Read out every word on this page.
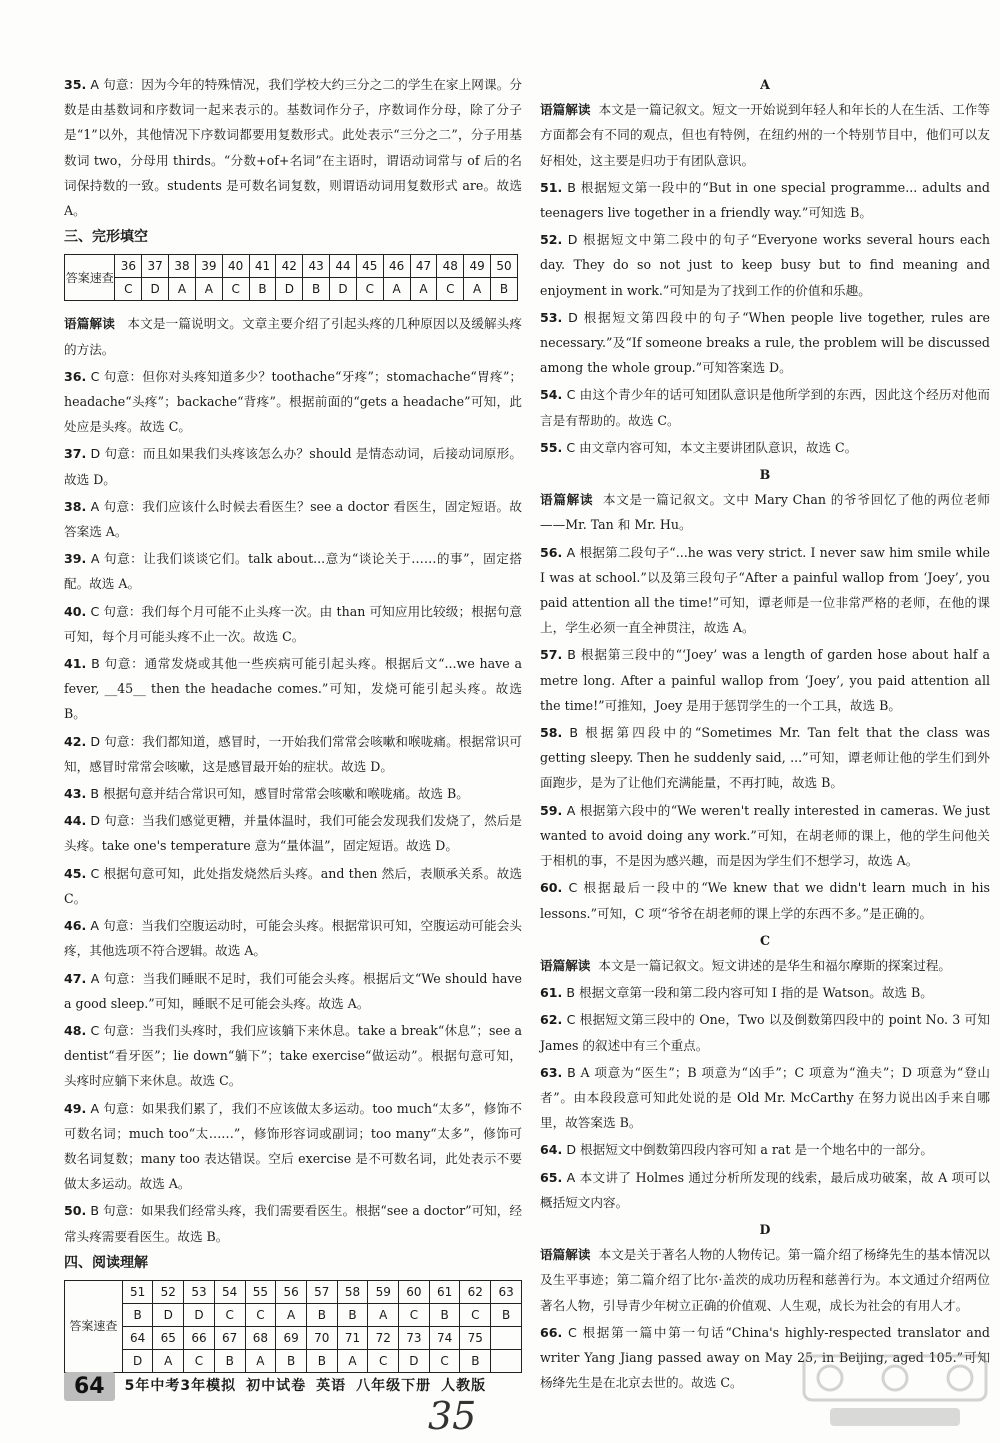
35. A 句意：因为今年的特殊情况，我们学校大约三分之二的学生在家上网课。分数是由基数词和序数词一起来表示的。基数词作分子，序数词作分母，除了分子是“1”以外，其他情况下序数词都要用复数形式。此处表示“三分之二”，分子用基数词 two，分母用 thirds。“分数+of+名词”在主语时，谓语动词常与 of 后的名词保持数的一致。students 是可数名词复数，则谓语动词用复数形式 are。故选 A。
三、完形填空
答案速查	36	37	38	39	40	41	42	43	44	45	46	47	48	49	50
	C	D	A	A	C	B	D	B	D	C	A	A	C	A	B
语篇解读 本文是一篇说明文。文章主要介绍了引起头疼的几种原因以及缓解头疼的方法。
36. C 句意：但你对头疼知道多少？toothache“牙疼”；stomachache“胃疼”；headache“头疼”；backache“背疼”。根据前面的“gets a headache”可知，此处应是头疼。故选 C。
37. D 句意：而且如果我们头疼该怎么办？should 是情态动词，后接动词原形。故选 D。
38. A 句意：我们应该什么时候去看医生？see a doctor 看医生，固定短语。故答案选 A。
39. A 句意：让我们谈谈它们。talk about...意为“谈论关于……的事”，固定搭配。故选 A。
40. C 句意：我们每个月可能不止头疼一次。由 than 可知应用比较级；根据句意可知，每个月可能头疼不止一次。故选 C。
41. B 句意：通常发烧或其他一些疾病可能引起头疼。根据后文“...we have a fever, __45__ then the headache comes.”可知，发烧可能引起头疼。故选 B。
42. D 句意：我们都知道，感冒时，一开始我们常常会咳嗽和喉咙痛。根据常识可知，感冒时常常会咳嗽，这是感冒最开始的症状。故选 D。
43. B 根据句意并结合常识可知，感冒时常常会咳嗽和喉咙痛。故选 B。
44. D 句意：当我们感觉更糟，并量体温时，我们可能会发现我们发烧了，然后是头疼。take one's temperature 意为“量体温”，固定短语。故选 D。
45. C 根据句意可知，此处指发烧然后头疼。and then 然后，表顺承关系。故选 C。
46. A 句意：当我们空腹运动时，可能会头疼。根据常识可知，空腹运动可能会头疼，其他选项不符合逻辑。故选 A。
47. A 句意：当我们睡眠不足时，我们可能会头疼。根据后文“We should have a good sleep.”可知，睡眠不足可能会头疼。故选 A。
48. C 句意：当我们头疼时，我们应该躺下来休息。take a break“休息”；see a dentist“看牙医”；lie down“躺下”；take exercise“做运动”。根据句意可知，头疼时应躺下来休息。故选 C。
49. A 句意：如果我们累了，我们不应该做太多运动。too much“太多”，修饰不可数名词；much too“太……”，修饰形容词或副词；too many“太多”，修饰可数名词复数；many too 表达错误。空后 exercise 是不可数名词，此处表示不要做太多运动。故选 A。
50. B 句意：如果我们经常头疼，我们需要看医生。根据“see a doctor”可知，经常头疼需要看医生。故选 B。
四、阅读理解
答案速查	51	52	53	54	55	56	57	58	59	60	61	62	63
	B	D	D	C	C	A	B	B	A	C	B	C	B
	64	65	66	67	68	69	70	71	72	73	74	75	
	D	A	C	B	A	B	B	A	C	D	C	B	
A
语篇解读 本文是一篇记叙文。短文一开始说到年轻人和年长的人在生活、工作等方面都会有不同的观点，但也有特例，在纽约州的一个特别节目中，他们可以友好相处，这主要是归功于有团队意识。
51. B 根据短文第一段中的“But in one special programme... adults and teenagers live together in a friendly way.”可知选 B。
52. D 根据短文中第二段中的句子“Everyone works several hours each day. They do so not just to keep busy but to find meaning and enjoyment in work.”可知是为了找到工作的价值和乐趣。
53. D 根据短文第四段中的句子“When people live together, rules are necessary.”及“If someone breaks a rule, the problem will be discussed among the whole group.”可知答案选 D。
54. C 由这个青少年的话可知团队意识是他所学到的东西，因此这个经历对他而言是有帮助的。故选 C。
55. C 由文章内容可知，本文主要讲团队意识，故选 C。
B
语篇解读 本文是一篇记叙文。文中 Mary Chan 的爷爷回忆了他的两位老师——Mr. Tan 和 Mr. Hu。
56. A 根据第二段句子“...he was very strict. I never saw him smile while I was at school.”以及第三段句子“After a painful wallop from ‘Joey’, you paid attention all the time!”可知，谭老师是一位非常严格的老师，在他的课上，学生必须一直全神贯注，故选 A。
57. B 根据第三段中的“‘Joey’ was a length of garden hose about half a metre long. After a painful wallop from ‘Joey’, you paid attention all the time!”可推知，Joey 是用于惩罚学生的一个工具，故选 B。
58. B 根据第四段中的“Sometimes Mr. Tan felt that the class was getting sleepy. Then he suddenly said, ...”可知，谭老师让他的学生们到外面跑步，是为了让他们充满能量，不再打盹，故选 B。
59. A 根据第六段中的“We weren't really interested in cameras. We just wanted to avoid doing any work.”可知，在胡老师的课上，他的学生问他关于相机的事，不是因为感兴趣，而是因为学生们不想学习，故选 A。
60. C 根据最后一段中的“We knew that we didn't learn much in his lessons.”可知，C 项“爷爷在胡老师的课上学的东西不多。”是正确的。
C
语篇解读 本文是一篇记叙文。短文讲述的是华生和福尔摩斯的探案过程。
61. B 根据文章第一段和第二段内容可知 I 指的是 Watson。故选 B。
62. C 根据短文第三段中的 One，Two 以及倒数第四段中的 point No. 3 可知 James 的叙述中有三个重点。
63. B A 项意为“医生”；B 项意为“凶手”；C 项意为“渔夫”；D 项意为“登山者”。由本段段意可知此处说的是 Old Mr. McCarthy 在努力说出凶手来自哪里，故答案选 B。
64. D 根据短文中倒数第四段内容可知 a rat 是一个地名中的一部分。
65. A 本文讲了 Holmes 通过分析所发现的线索，最后成功破案，故 A 项可以概括短文内容。
D
语篇解读 本文是关于著名人物的人物传记。第一篇介绍了杨绛先生的基本情况以及生平事迹；第二篇介绍了比尔·盖茨的成功历程和慈善行为。本文通过介绍两位著名人物，引导青少年树立正确的价值观、人生观，成长为社会的有用人才。
66. C 根据第一篇中第一句话“China's highly-respected translator and writer Yang Jiang passed away on May 25, in Beijing, aged 105.”可知杨绛先生是在北京去世的。故选 C。
64	5年中考3年模拟 初中试卷 英语 八年级下册 人教版
35
